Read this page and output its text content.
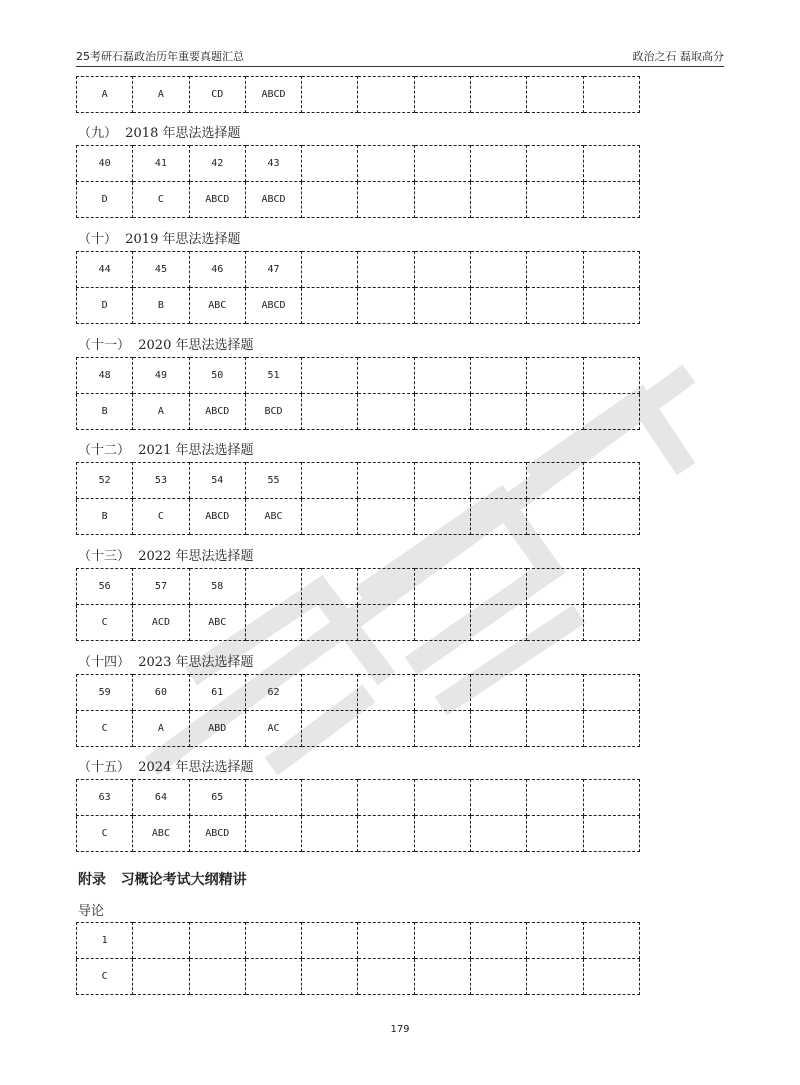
25考研石磊政治历年重要真题汇总	政治之石 磊取高分
A	A	CD	ABCD						
（九）  2018 年思法选择题
40	41	42	43						
D	C	ABCD	ABCD						
（十）  2019 年思法选择题
44	45	46	47						
D	B	ABC	ABCD						
（十一）  2020 年思法选择题
48	49	50	51						
B	A	ABCD	BCD						
（十二）  2021 年思法选择题
52	53	54	55						
B	C	ABCD	ABC						
（十三）  2022 年思法选择题
56	57	58							
C	ACD	ABC							
（十四）  2023 年思法选择题
59	60	61	62						
C	A	ABD	AC						
（十五）  2024 年思法选择题
63	64	65							
C	ABC	ABCD							
附录   习概论考试大纲精讲
导论
1									
C									
179
